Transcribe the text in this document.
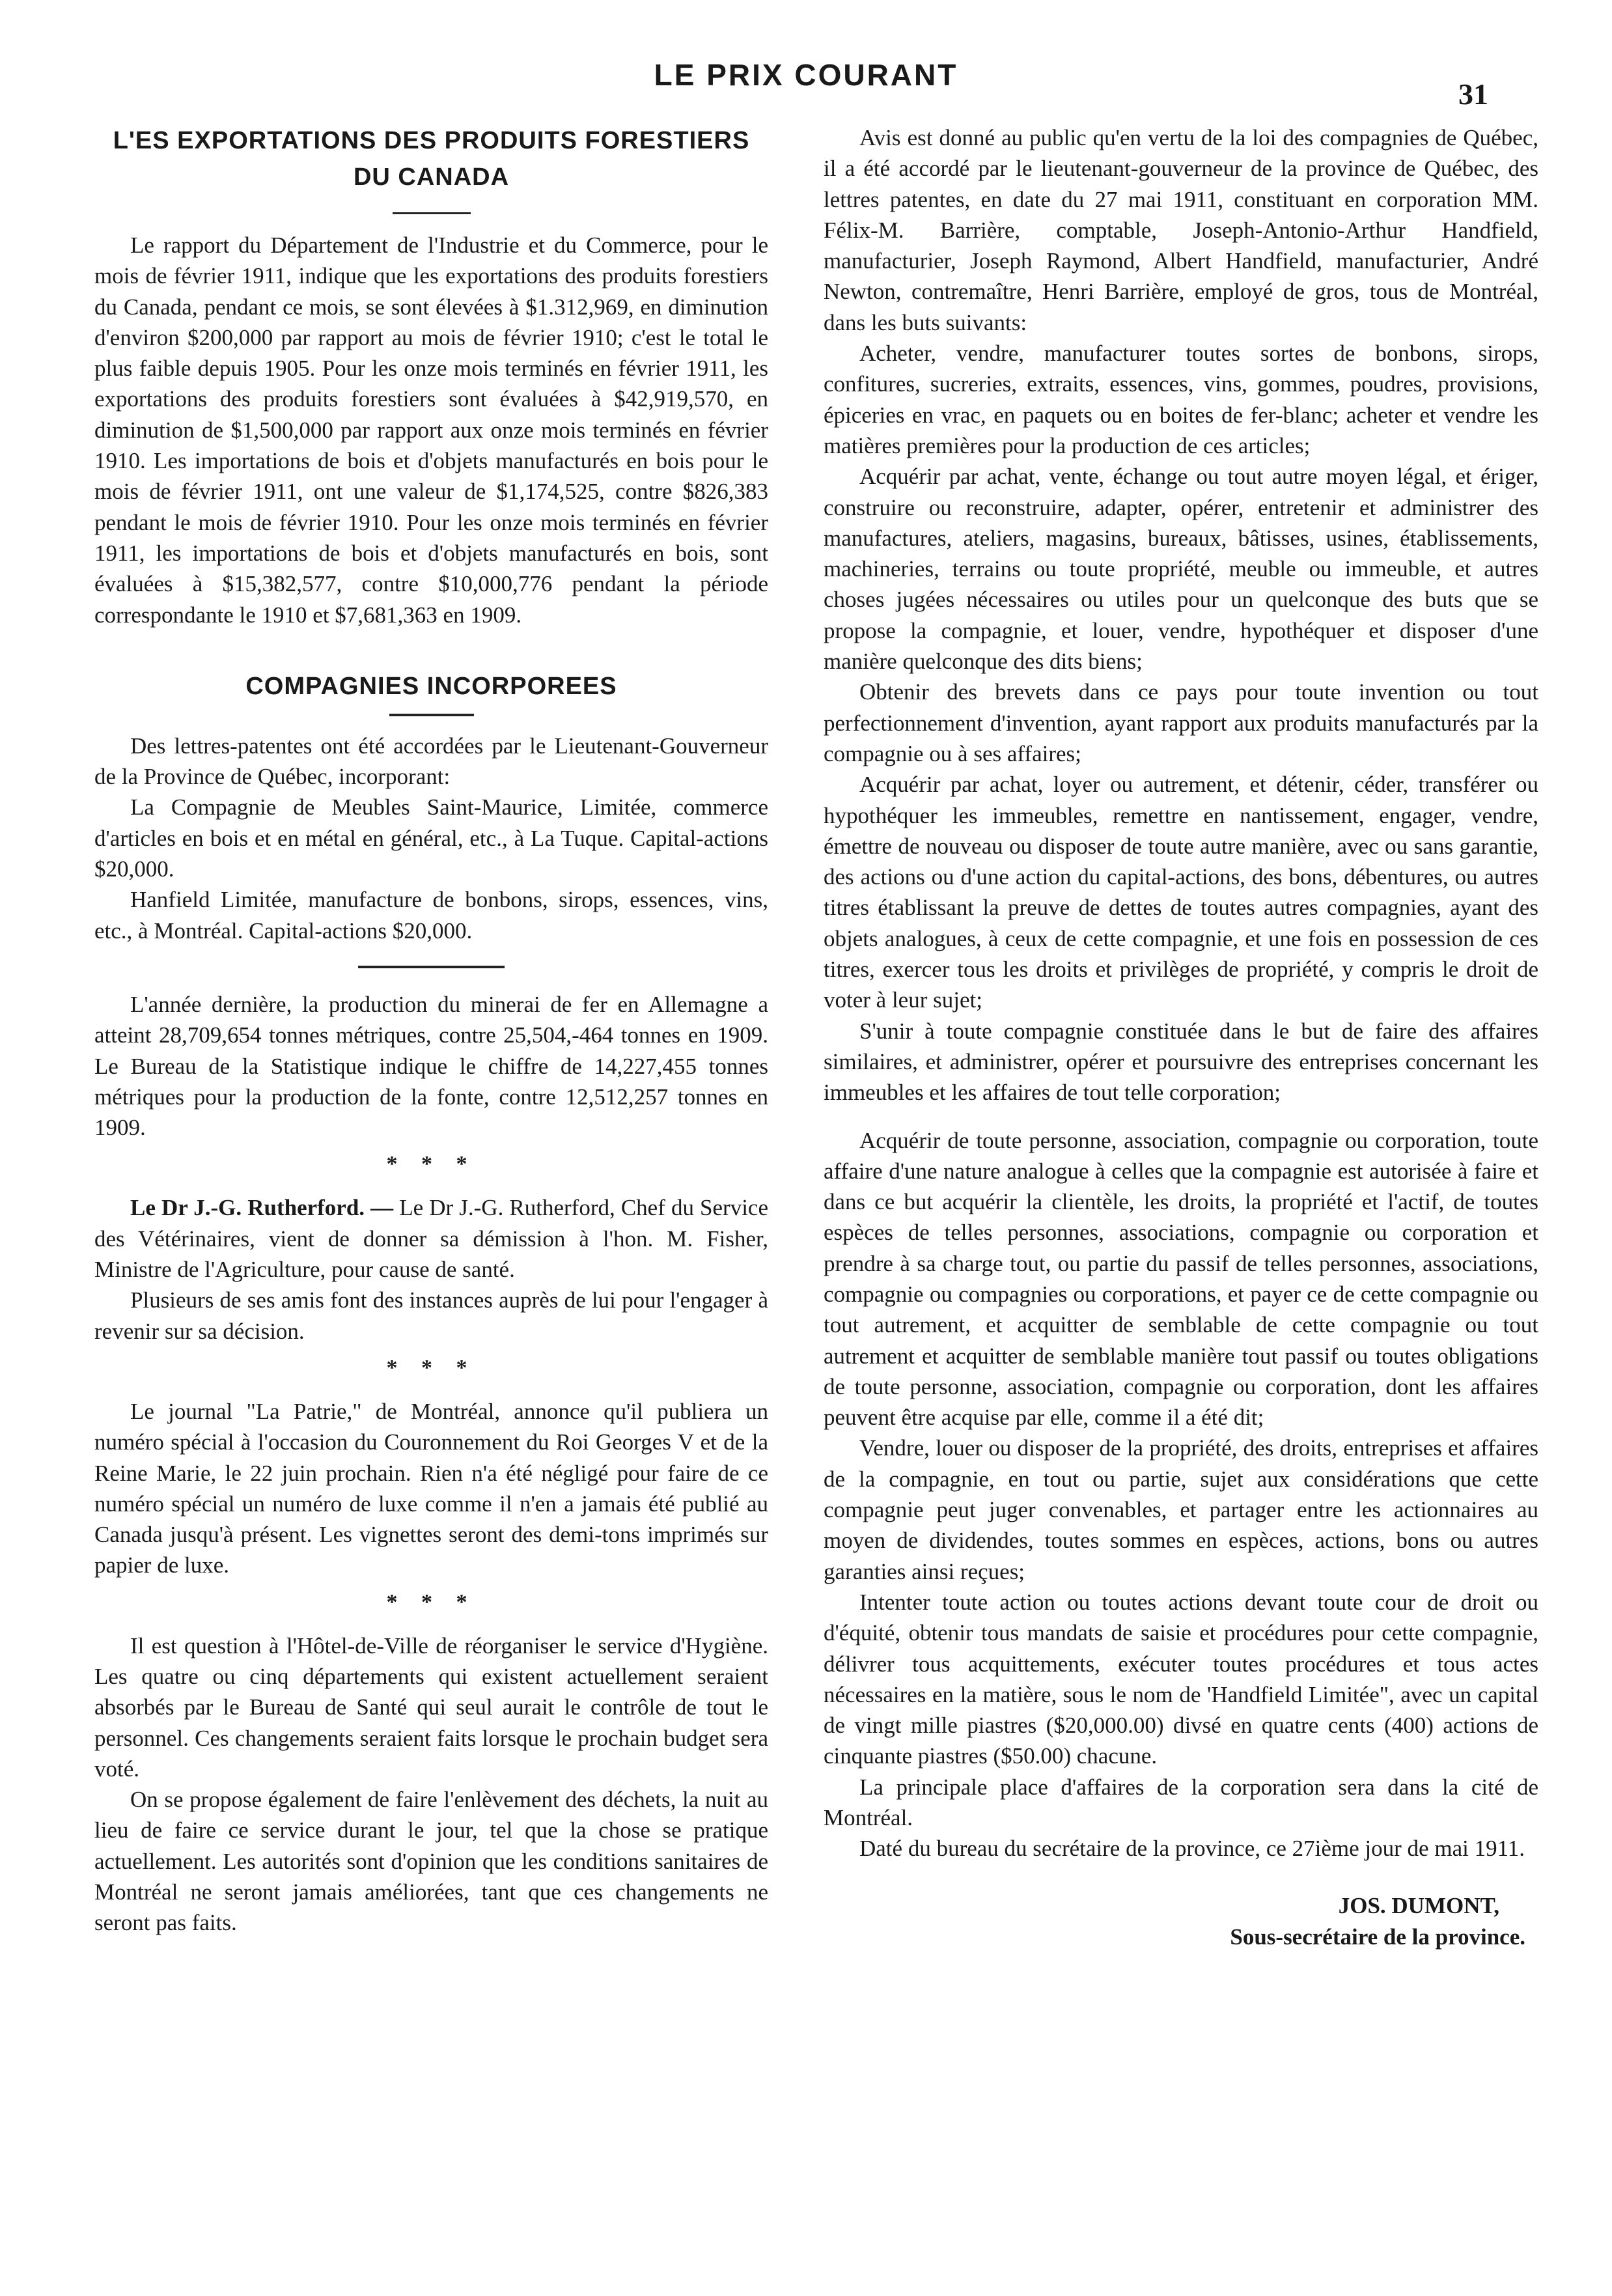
LE PRIX COURANT
31
L'ES EXPORTATIONS DES PRODUITS FORESTIERS
DU CANADA

Le rapport du Département de l'Industrie et du Commerce, pour le mois de février 1911, indique que les exportations des produits forestiers du Canada, pendant ce mois, se sont élevées à $1.312,969, en diminution d'environ $200,000 par rapport au mois de février 1910; c'est le total le plus faible depuis 1905. Pour les onze mois terminés en février 1911, les exportations des produits forestiers sont évaluées à $42,919,570, en diminution de $1,500,000 par rapport aux onze mois terminés en février 1910. Les importations de bois et d'objets manufacturés en bois pour le mois de février 1911, ont une valeur de $1,174,525, contre $826,383 pendant le mois de février 1910. Pour les onze mois terminés en février 1911, les importations de bois et d'objets manufacturés en bois, sont évaluées à $15,382,577, contre $10,000,776 pendant la période correspondante le 1910 et $7,681,363 en 1909.

COMPAGNIES INCORPOREES

Des lettres-patentes ont été accordées par le Lieutenant-Gouverneur de la Province de Québec, incorporant:

La Compagnie de Meubles Saint-Maurice, Limitée, commerce d'articles en bois et en métal en général, etc., à La Tuque. Capital-actions $20,000.

Hanfield Limitée, manufacture de bonbons, sirops, essences, vins, etc., à Montréal. Capital-actions $20,000.

L'année dernière, la production du minerai de fer en Allemagne a atteint 28,709,654 tonnes métriques, contre 25,504,-464 tonnes en 1909. Le Bureau de la Statistique indique le chiffre de 14,227,455 tonnes métriques pour la production de la fonte, contre 12,512,257 tonnes en 1909.

* * *

Le Dr J.-G. Rutherford. — Le Dr J.-G. Rutherford, Chef du Service des Vétérinaires, vient de donner sa démission à l'hon. M. Fisher, Ministre de l'Agriculture, pour cause de santé.

Plusieurs de ses amis font des instances auprès de lui pour l'engager à revenir sur sa décision.

* * *

Le journal "La Patrie," de Montréal, annonce qu'il publiera un numéro spécial à l'occasion du Couronnement du Roi Georges V et de la Reine Marie, le 22 juin prochain. Rien n'a été négligé pour faire de ce numéro spécial un numéro de luxe comme il n'en a jamais été publié au Canada jusqu'à présent. Les vignettes seront des demi-tons imprimés sur papier de luxe.

* * *

Il est question à l'Hôtel-de-Ville de réorganiser le service d'Hygiène. Les quatre ou cinq départements qui existent actuellement seraient absorbés par le Bureau de Santé qui seul aurait le contrôle de tout le personnel. Ces changements seraient faits lorsque le prochain budget sera voté.

On se propose également de faire l'enlèvement des déchets, la nuit au lieu de faire ce service durant le jour, tel que la chose se pratique actuellement. Les autorités sont d'opinion que les conditions sanitaires de Montréal ne seront jamais améliorées, tant que ces changements ne seront pas faits.

Avis est donné au public qu'en vertu de la loi des compagnies de Québec, il a été accordé par le lieutenant-gouverneur de la province de Québec, des lettres patentes, en date du 27 mai 1911, constituant en corporation MM. Félix-M. Barrière, comptable, Joseph-Antonio-Arthur Handfield, manufacturier, Joseph Raymond, Albert Handfield, manufacturier, André Newton, contremaître, Henri Barrière, employé de gros, tous de Montréal, dans les buts suivants:

Acheter, vendre, manufacturer toutes sortes de bonbons, sirops, confitures, sucreries, extraits, essences, vins, gommes, poudres, provisions, épiceries en vrac, en paquets ou en boites de fer-blanc; acheter et vendre les matières premières pour la production de ces articles;

Acquérir par achat, vente, échange ou tout autre moyen légal, et ériger, construire ou reconstruire, adapter, opérer, entretenir et administrer des manufactures, ateliers, magasins, bureaux, bâtisses, usines, établissements, machineries, terrains ou toute propriété, meuble ou immeuble, et autres choses jugées nécessaires ou utiles pour un quelconque des buts que se propose la compagnie, et louer, vendre, hypothéquer et disposer d'une manière quelconque des dits biens;

Obtenir des brevets dans ce pays pour toute invention ou tout perfectionnement d'invention, ayant rapport aux produits manufacturés par la compagnie ou à ses affaires;

Acquérir par achat, loyer ou autrement, et détenir, céder, transférer ou hypothéquer les immeubles, remettre en nantissement, engager, vendre, émettre de nouveau ou disposer de toute autre manière, avec ou sans garantie, des actions ou d'une action du capital-actions, des bons, débentures, ou autres titres établissant la preuve de dettes de toutes autres compagnies, ayant des objets analogues, à ceux de cette compagnie, et une fois en possession de ces titres, exercer tous les droits et privilèges de propriété, y compris le droit de voter à leur sujet;

S'unir à toute compagnie constituée dans le but de faire des affaires similaires, et administrer, opérer et poursuivre des entreprises concernant les immeubles et les affaires de tout telle corporation;

Acquérir de toute personne, association, compagnie ou corporation, toute affaire d'une nature analogue à celles que la compagnie est autorisée à faire et dans ce but acquérir la clientèle, les droits, la propriété et l'actif, de toutes espèces de telles personnes, associations, compagnie ou corporation et prendre à sa charge tout, ou partie du passif de telles personnes, associations, compagnie ou compagnies ou corporations, et payer ce de cette compagnie ou tout autrement, et acquitter de semblable de cette compagnie ou tout autrement et acquitter de semblable manière tout passif ou toutes obligations de toute personne, association, compagnie ou corporation, dont les affaires peuvent être acquise par elle, comme il a été dit;

Vendre, louer ou disposer de la propriété, des droits, entreprises et affaires de la compagnie, en tout ou partie, sujet aux considérations que cette compagnie peut juger convenables, et partager entre les actionnaires au moyen de dividendes, toutes sommes en espèces, actions, bons ou autres garanties ainsi reçues;

Intenter toute action ou toutes actions devant toute cour de droit ou d'équité, obtenir tous mandats de saisie et procédures pour cette compagnie, délivrer tous acquittements, exécuter toutes procédures et tous actes nécessaires en la matière, sous le nom de 'Handfield Limitée", avec un capital de vingt mille piastres ($20,000.00) divsé en quatre cents (400) actions de cinquante piastres ($50.00) chacune.

La principale place d'affaires de la corporation sera dans la cité de Montréal.

Daté du bureau du secrétaire de la province, ce 27ième jour de mai 1911.

JOS. DUMONT,

Sous-secrétaire de la province.
